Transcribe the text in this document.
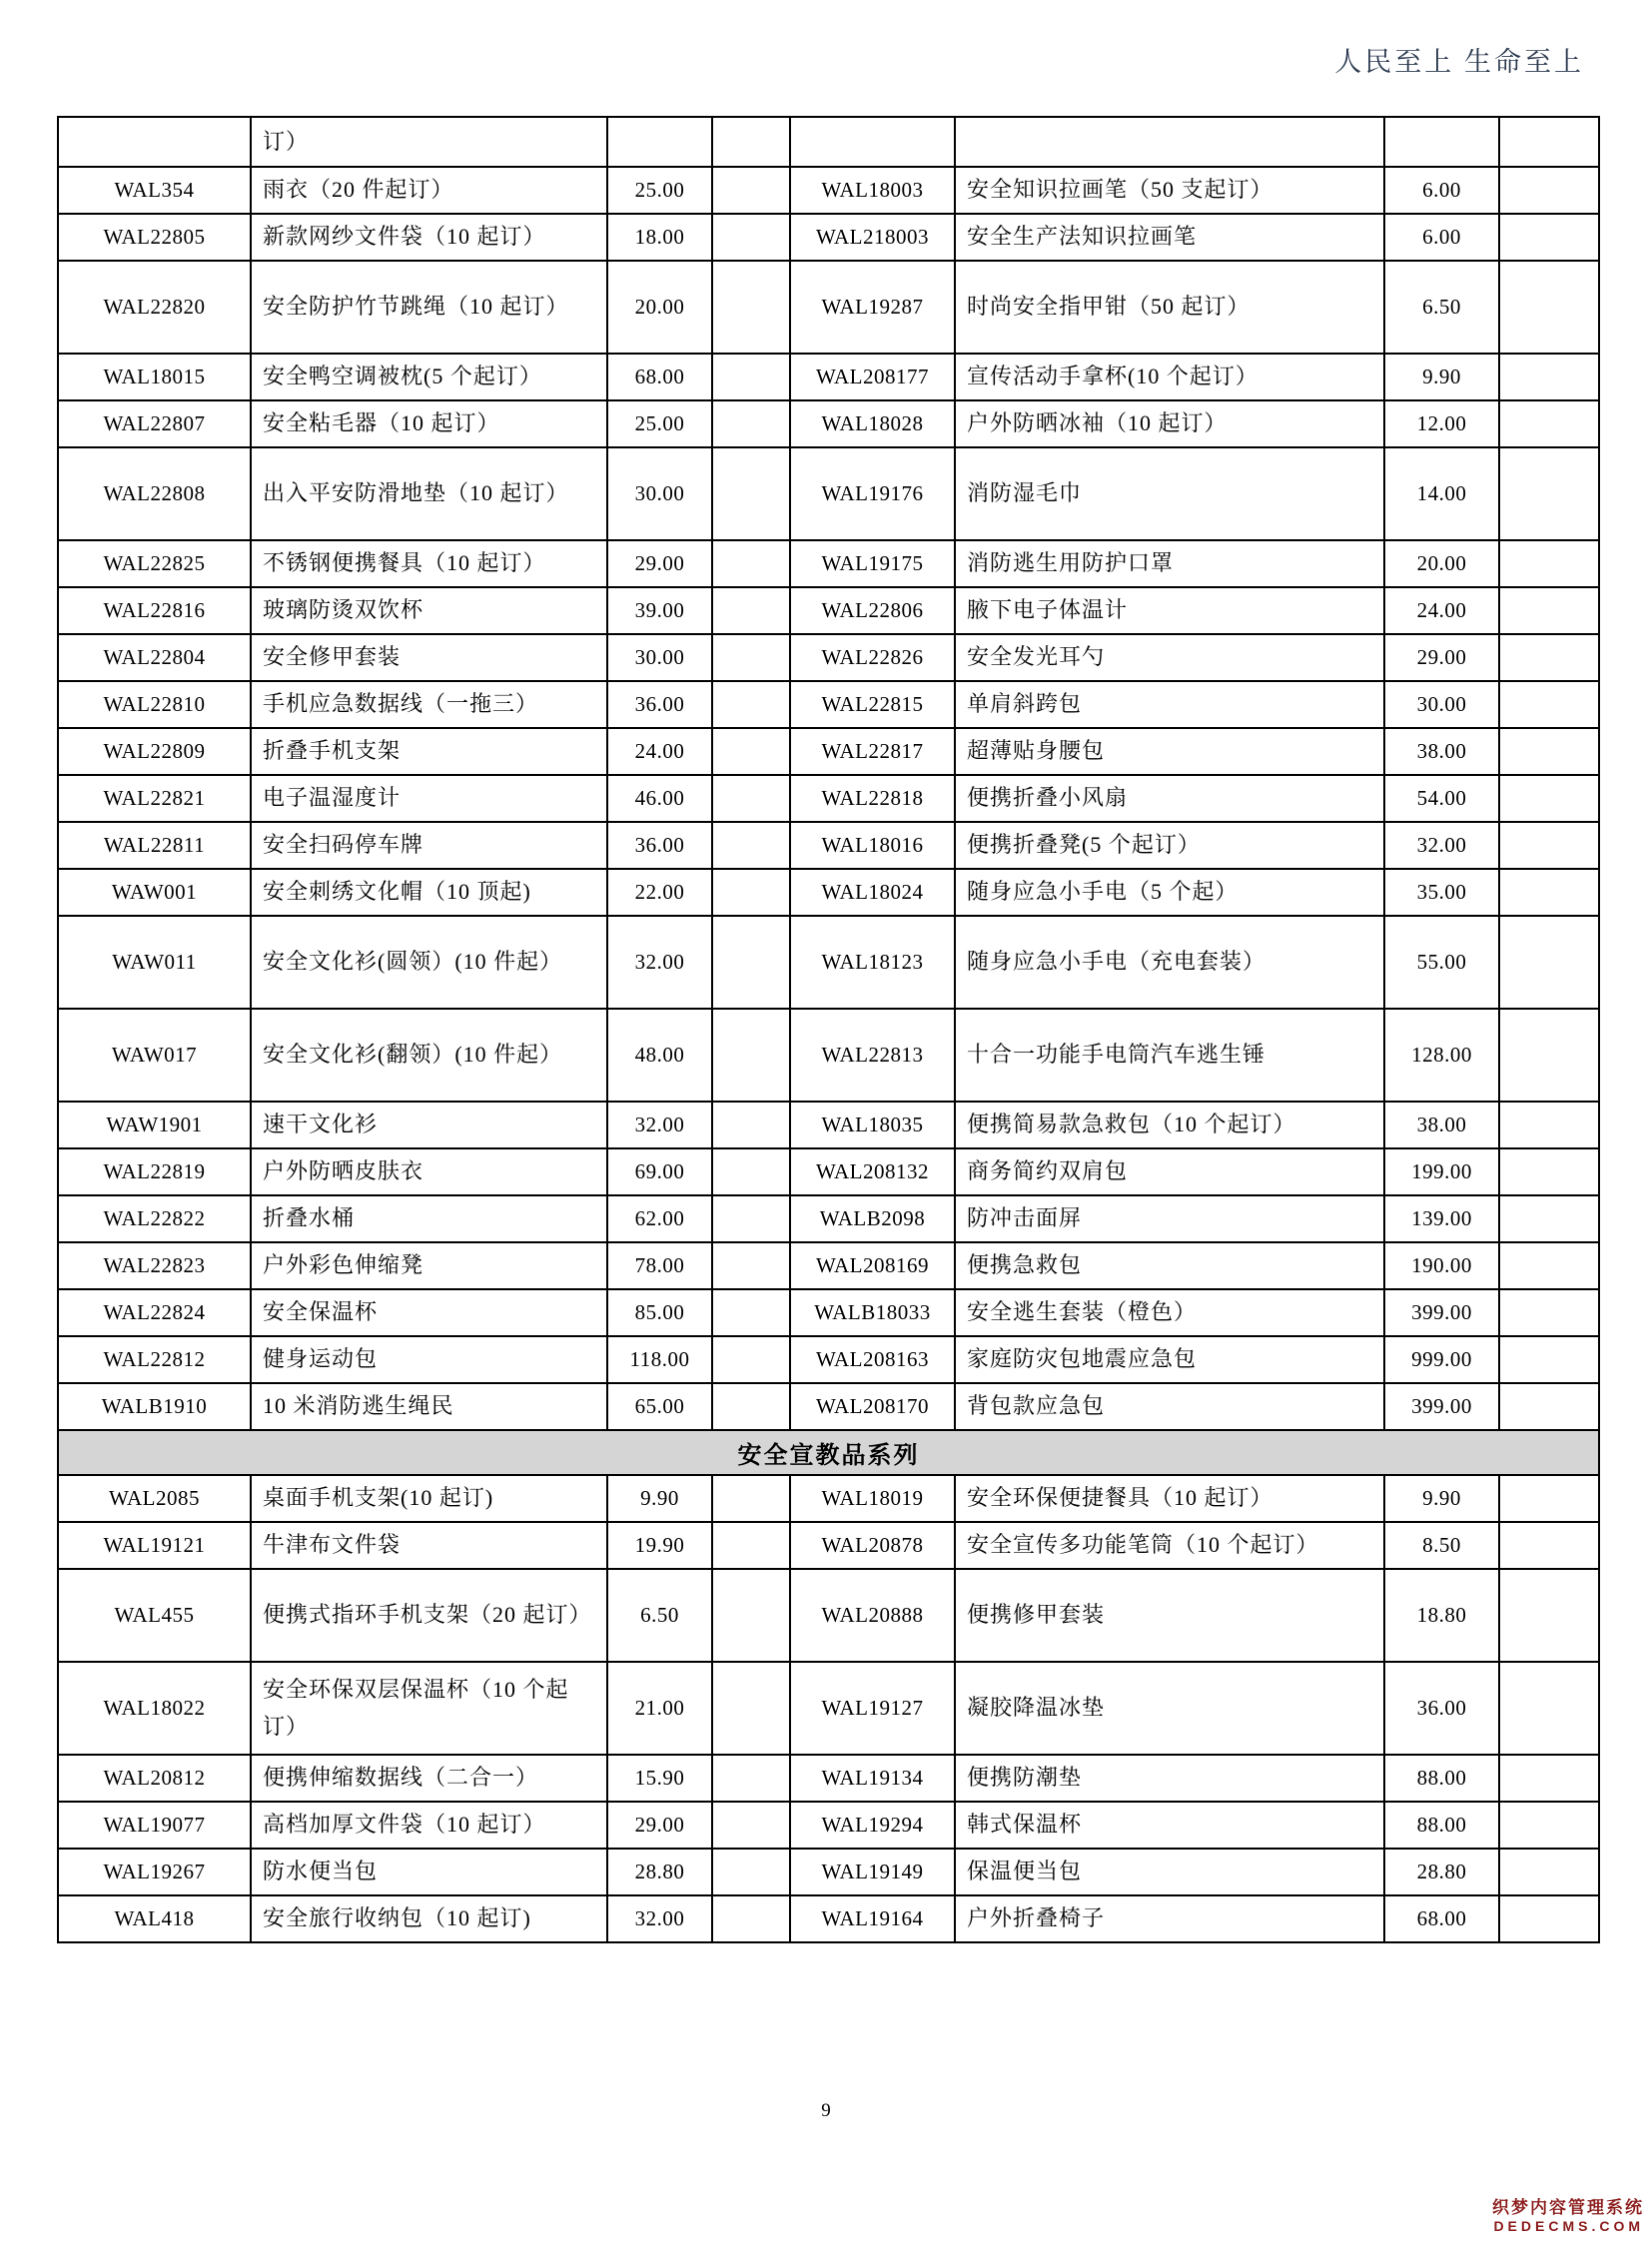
人民至上 生命至上
	订）						
WAL354	雨衣（20 件起订）	25.00		WAL18003	安全知识拉画笔（50 支起订）	6.00	
WAL22805	新款网纱文件袋（10 起订）	18.00		WAL218003	安全生产法知识拉画笔	6.00	
WAL22820	安全防护竹节跳绳（10 起订）	20.00		WAL19287	时尚安全指甲钳（50 起订）	6.50	
WAL18015	安全鸭空调被枕(5 个起订）	68.00		WAL208177	宣传活动手拿杯(10 个起订）	9.90	
WAL22807	安全粘毛器（10 起订）	25.00		WAL18028	户外防晒冰袖（10 起订）	12.00	
WAL22808	出入平安防滑地垫（10 起订）	30.00		WAL19176	消防湿毛巾	14.00	
WAL22825	不锈钢便携餐具（10 起订）	29.00		WAL19175	消防逃生用防护口罩	20.00	
WAL22816	玻璃防烫双饮杯	39.00		WAL22806	腋下电子体温计	24.00	
WAL22804	安全修甲套装	30.00		WAL22826	安全发光耳勺	29.00	
WAL22810	手机应急数据线（一拖三）	36.00		WAL22815	单肩斜跨包	30.00	
WAL22809	折叠手机支架	24.00		WAL22817	超薄贴身腰包	38.00	
WAL22821	电子温湿度计	46.00		WAL22818	便携折叠小风扇	54.00	
WAL22811	安全扫码停车牌	36.00		WAL18016	便携折叠凳(5 个起订）	32.00	
WAW001	安全刺绣文化帽（10 顶起)	22.00		WAL18024	随身应急小手电（5 个起）	35.00	
WAW011	安全文化衫(圆领）(10 件起）	32.00		WAL18123	随身应急小手电（充电套装）	55.00	
WAW017	安全文化衫(翻领）(10 件起）	48.00		WAL22813	十合一功能手电筒汽车逃生锤	128.00	
WAW1901	速干文化衫	32.00		WAL18035	便携简易款急救包（10 个起订）	38.00	
WAL22819	户外防晒皮肤衣	69.00		WAL208132	商务简约双肩包	199.00	
WAL22822	折叠水桶	62.00		WALB2098	防冲击面屏	139.00	
WAL22823	户外彩色伸缩凳	78.00		WAL208169	便携急救包	190.00	
WAL22824	安全保温杯	85.00		WALB18033	安全逃生套装（橙色）	399.00	
WAL22812	健身运动包	118.00		WAL208163	家庭防灾包地震应急包	999.00	
WALB1910	10 米消防逃生绳民	65.00		WAL208170	背包款应急包	399.00	
安全宣教品系列							
WAL2085	桌面手机支架(10 起订)	9.90		WAL18019	安全环保便捷餐具（10 起订）	9.90	
WAL19121	牛津布文件袋	19.90		WAL20878	安全宣传多功能笔筒（10 个起订）	8.50	
WAL455	便携式指环手机支架（20 起订）	6.50		WAL20888	便携修甲套装	18.80	
WAL18022	安全环保双层保温杯（10 个起订）	21.00		WAL19127	凝胶降温冰垫	36.00	
WAL20812	便携伸缩数据线（二合一）	15.90		WAL19134	便携防潮垫	88.00	
WAL19077	高档加厚文件袋（10 起订）	29.00		WAL19294	韩式保温杯	88.00	
WAL19267	防水便当包	28.80		WAL19149	保温便当包	28.80	
WAL418	安全旅行收纳包（10 起订)	32.00		WAL19164	户外折叠椅子	68.00	
9
织梦内容管理系统
DEDECMS.COM
